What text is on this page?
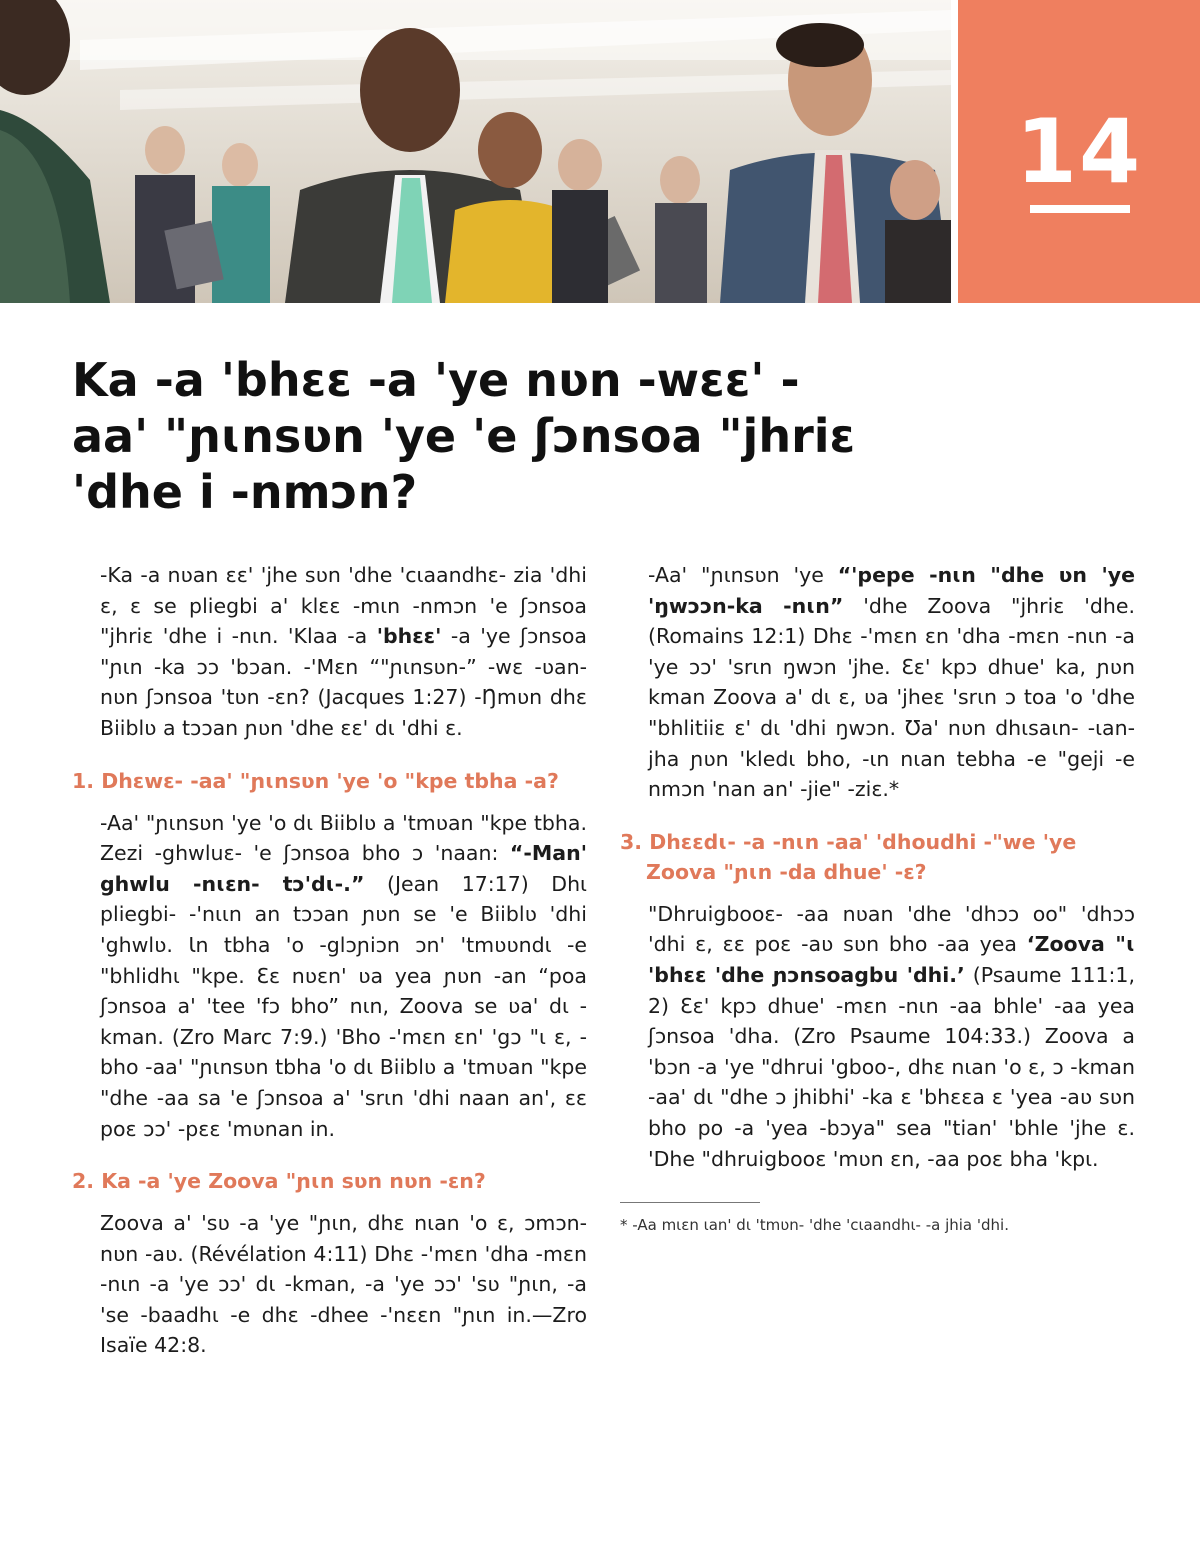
14
Ka -a 'bhɛɛ -a 'ye nʋn -wɛɛ' -aa' "ɲɩnsʋn 'ye 'e ʃɔnsoa "jhriɛ 'dhe i -nmɔn?

-Ka -a nʋan ɛɛ' 'jhe sʋn 'dhe 'cɩaandhɛ- zia 'dhi ɛ, ɛ se pliegbi a' klɛɛ -mɩn -nmɔn 'e ʃɔnsoa "jhriɛ 'dhe i -nɩn. 'Klaa -a 'bhɛɛ' -a 'ye ʃɔnsoa "ɲɩn -ka ɔɔ 'bɔan. -'Mɛn “"ɲɩnsʋn-” -wɛ -ʋan- nʋn ʃɔnsoa 'tʋn -ɛn? (Jacques 1:27) -Ŋmʋn dhɛ Biiblʋ a tɔɔan ɲʋn 'dhe ɛɛ' dɩ 'dhi ɛ.

1. Dhɛwɛ- -aa' "ɲɩnsʋn 'ye 'o "kpe tbha -a?

-Aa' "ɲɩnsʋn 'ye 'o dɩ Biiblʋ a 'tmʋan "kpe tbha. Zezi -ghwluɛ- 'e ʃɔnsoa bho ɔ 'naan: “-Man' ghwlu -nɩɛn- tɔ'dɩ-.” (Jean 17:17) Dhɩ pliegbi- -'nɩɩn an tɔɔan ɲʋn se 'e Biiblʋ 'dhi 'ghwlʋ. Ɩn tbha 'o -glɔɲiɔn ɔn' 'tmʋʋndɩ -e "bhlidhɩ "kpe. Ɛɛ nʋɛn' ʋa yea ɲʋn -an “poa ʃɔnsoa a' 'tee 'fɔ bho” nɩn, Zoova se ʋa' dɩ -kman. (Zro Marc 7:9.) 'Bho -'mɛn ɛn' 'gɔ "ɩ ɛ, -bho -aa' "ɲɩnsʋn tbha 'o dɩ Biiblʋ a 'tmʋan "kpe "dhe -aa sa 'e ʃɔnsoa a' 'srɩn 'dhi naan an', ɛɛ poɛ ɔɔ' -pɛɛ 'mʋnan in.

2. Ka -a 'ye Zoova "ɲɩn sʋn nʋn -ɛn?

Zoova a' 'sʋ -a 'ye "ɲɩn, dhɛ nɩan 'o ɛ, ɔmɔn- nʋn -aʋ. (Révélation 4:11) Dhɛ -'mɛn 'dha -mɛn -nɩn -a 'ye ɔɔ' dɩ -kman, -a 'ye ɔɔ' 'sʋ "ɲɩn, -a 'se -baadhɩ -e dhɛ -dhee -'nɛɛn "ɲɩn in.—Zro Isaïe 42:8.

-Aa' "ɲɩnsʋn 'ye “'pepe -nɩn "dhe ʋn 'ye 'ŋwɔɔn-ka -nɩn” 'dhe Zoova "jhriɛ 'dhe. (Romains 12:1) Dhɛ -'mɛn ɛn 'dha -mɛn -nɩn -a 'ye ɔɔ' 'srɩn ŋwɔn 'jhe. Ɛɛ' kpɔ dhue' ka, ɲʋn kman Zoova a' dɩ ɛ, ʋa 'jheɛ 'srɩn ɔ toa 'o 'dhe "bhlitiiɛ ɛ' dɩ 'dhi ŋwɔn. Ʊa' nʋn dhɩsaɩn- -ɩan- jha ɲʋn 'kledɩ bho, -ɩn nɩan tebha -e "geji -e nmɔn 'nan an' -jie" -ziɛ.*

3. Dhɛɛdɩ- -a -nɩn -aa' 'dhoudhi -"we 'ye Zoova "ɲɩn -da dhue' -ɛ?

"Dhruigbooɛ- -aa nʋan 'dhe 'dhɔɔ oo" 'dhɔɔ 'dhi ɛ, ɛɛ poɛ -aʋ sʋn bho -aa yea ‘Zoova "ɩ 'bhɛɛ 'dhe ɲɔnsoagbu 'dhi.’ (Psaume 111:1, 2) Ɛɛ' kpɔ dhue' -mɛn -nɩn -aa bhle' -aa yea ʃɔnsoa 'dha. (Zro Psaume 104:33.) Zoova a 'bɔn -a 'ye "dhrui 'gboo-, dhɛ nɩan 'o ɛ, ɔ -kman -aa' dɩ "dhe ɔ jhibhi' -ka ɛ 'bhɛɛa ɛ 'yea -aʋ sʋn bho po -a 'yea -bɔya" sea "tian' 'bhle 'jhe ɛ. 'Dhe "dhruigbooɛ 'mʋn ɛn, -aa poɛ bha 'kpɩ.

* -Aa mɩɛn ɩan' dɩ 'tmʋn- 'dhe 'cɩaandhɩ- -a jhia 'dhi.
